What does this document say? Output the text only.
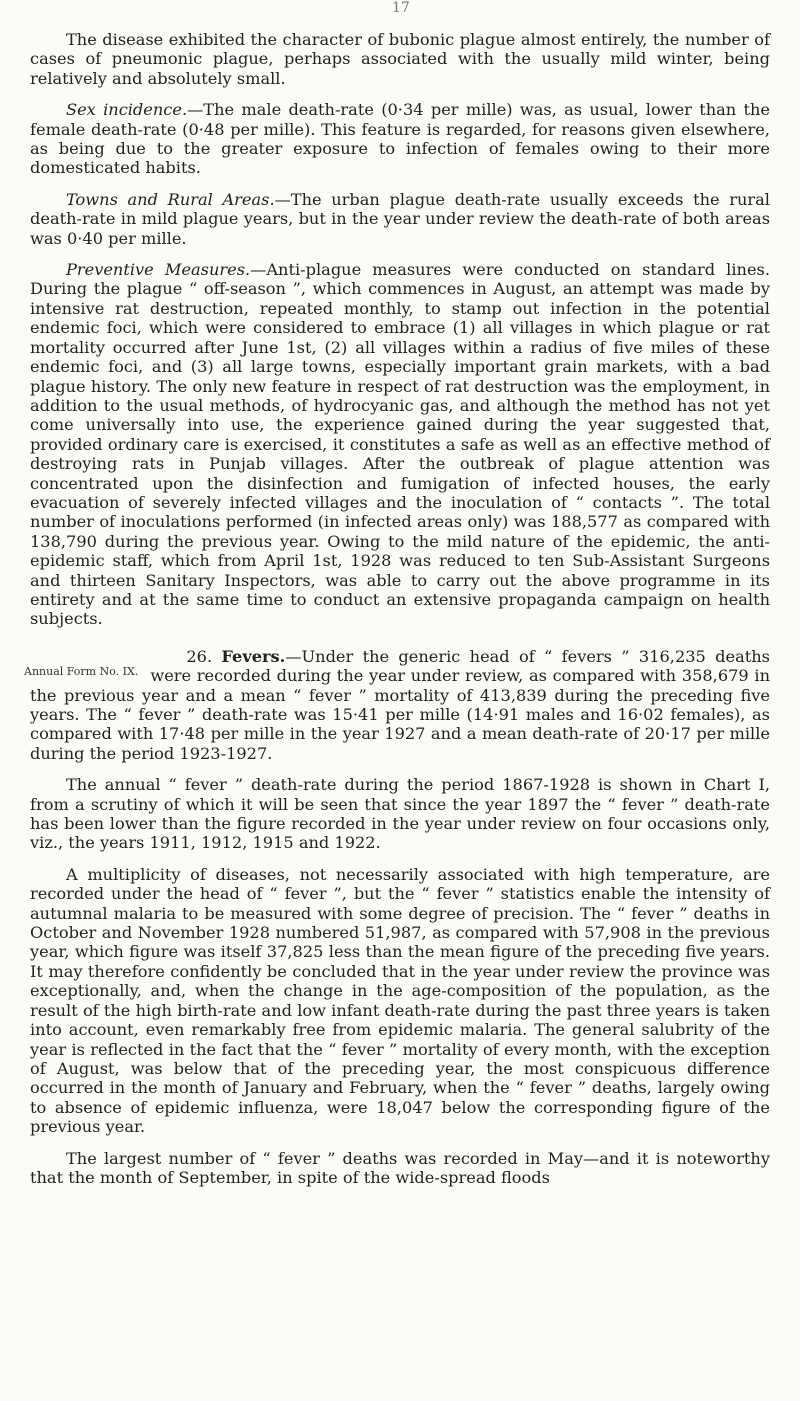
17

The disease exhibited the character of bubonic plague almost entirely, the number of cases of pneumonic plague, perhaps associated with the usually mild winter, being relatively and absolutely small.

Sex incidence.—The male death-rate (0·34 per mille) was, as usual, lower than the female death-rate (0·48 per mille). This feature is regarded, for reasons given elsewhere, as being due to the greater exposure to infection of females owing to their more domesticated habits.

Towns and Rural Areas.—The urban plague death-rate usually exceeds the rural death-rate in mild plague years, but in the year under review the death-rate of both areas was 0·40 per mille.

Preventive Measures.—Anti-plague measures were conducted on standard lines. During the plague “ off-season ”, which commences in August, an attempt was made by intensive rat destruction, repeated monthly, to stamp out infection in the potential endemic foci, which were considered to embrace (1) all villages in which plague or rat mortality occurred after June 1st, (2) all villages within a radius of five miles of these endemic foci, and (3) all large towns, especially important grain markets, with a bad plague history. The only new feature in respect of rat destruction was the employment, in addition to the usual methods, of hydrocyanic gas, and although the method has not yet come universally into use, the experience gained during the year suggested that, provided ordinary care is exercised, it constitutes a safe as well as an effective method of destroying rats in Punjab villages. After the outbreak of plague attention was concentrated upon the disinfection and fumigation of infected houses, the early evacuation of severely infected villages and the inoculation of “ contacts ”. The total number of inoculations performed (in infected areas only) was 188,577 as compared with 138,790 during the previous year. Owing to the mild nature of the epidemic, the anti-epidemic staff, which from April 1st, 1928 was reduced to ten Sub-Assistant Surgeons and thirteen Sanitary Inspectors, was able to carry out the above programme in its entirety and at the same time to conduct an extensive propaganda campaign on health subjects.

Annual Form No. IX.
26. Fevers.—Under the generic head of “ fevers ” 316,235 deaths were recorded during the year under review, as compared with 358,679 in the previous year and a mean “ fever ” mortality of 413,839 during the preceding five years. The “ fever ” death-rate was 15·41 per mille (14·91 males and 16·02 females), as compared with 17·48 per mille in the year 1927 and a mean death-rate of 20·17 per mille during the period 1923-1927.

The annual “ fever ” death-rate during the period 1867-1928 is shown in Chart I, from a scrutiny of which it will be seen that since the year 1897 the “ fever ” death-rate has been lower than the figure recorded in the year under review on four occasions only, viz., the years 1911, 1912, 1915 and 1922.

A multiplicity of diseases, not necessarily associated with high temperature, are recorded under the head of “ fever ”, but the “ fever ” statistics enable the intensity of autumnal malaria to be measured with some degree of precision. The “ fever ” deaths in October and November 1928 numbered 51,987, as compared with 57,908 in the previous year, which figure was itself 37,825 less than the mean figure of the preceding five years. It may therefore confidently be concluded that in the year under review the province was exceptionally, and, when the change in the age-composition of the population, as the result of the high birth-rate and low infant death-rate during the past three years is taken into account, even remarkably free from epidemic malaria. The general salubrity of the year is reflected in the fact that the “ fever ” mortality of every month, with the exception of August, was below that of the preceding year, the most conspicuous difference occurred in the month of January and February, when the “ fever ” deaths, largely owing to absence of epidemic influenza, were 18,047 below the corresponding figure of the previous year.

The largest number of “ fever ” deaths was recorded in May—and it is noteworthy that the month of September, in spite of the wide-spread floods
